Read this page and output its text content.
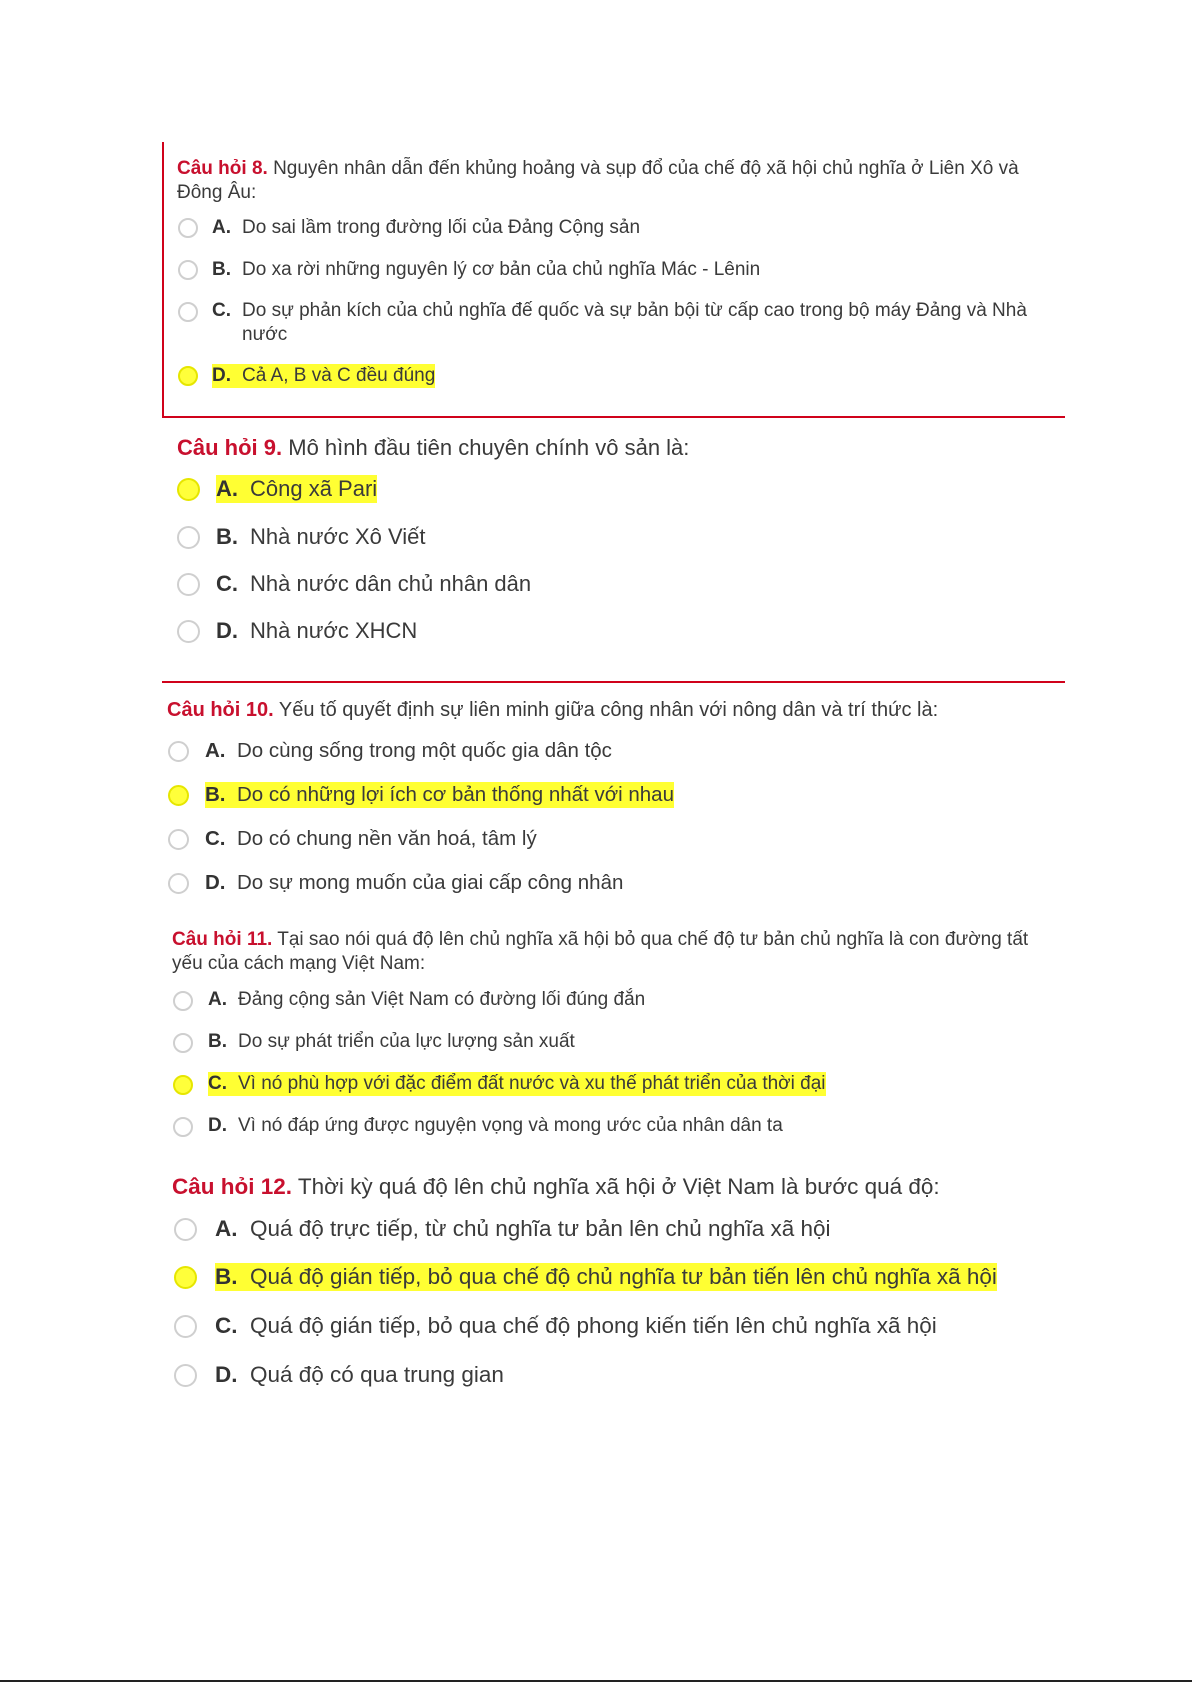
Câu hỏi 8. Nguyên nhân dẫn đến khủng hoảng và sụp đổ của chế độ xã hội chủ nghĩa ở Liên Xô và Đông Âu:

A. Do sai lầm trong đường lối của Đảng Cộng sản
B. Do xa rời những nguyên lý cơ bản của chủ nghĩa Mác - Lênin
C. Do sự phản kích của chủ nghĩa đế quốc và sự bản bội từ cấp cao trong bộ máy Đảng và Nhà nước
D. Cả A, B và C đều đúng

Câu hỏi 9. Mô hình đầu tiên chuyên chính vô sản là:

A. Công xã Pari
B. Nhà nước Xô Viết
C. Nhà nước dân chủ nhân dân
D. Nhà nước XHCN

Câu hỏi 10. Yếu tố quyết định sự liên minh giữa công nhân với nông dân và trí thức là:

A. Do cùng sống trong một quốc gia dân tộc
B. Do có những lợi ích cơ bản thống nhất với nhau
C. Do có chung nền văn hoá, tâm lý
D. Do sự mong muốn của giai cấp công nhân

Câu hỏi 11. Tại sao nói quá độ lên chủ nghĩa xã hội bỏ qua chế độ tư bản chủ nghĩa là con đường tất yếu của cách mạng Việt Nam:

A. Đảng cộng sản Việt Nam có đường lối đúng đắn
B. Do sự phát triển của lực lượng sản xuất
C. Vì nó phù hợp với đặc điểm đất nước và xu thế phát triển của thời đại
D. Vì nó đáp ứng được nguyện vọng và mong ước của nhân dân ta

Câu hỏi 12. Thời kỳ quá độ lên chủ nghĩa xã hội ở Việt Nam là bước quá độ:

A. Quá độ trực tiếp, từ chủ nghĩa tư bản lên chủ nghĩa xã hội
B. Quá độ gián tiếp, bỏ qua chế độ chủ nghĩa tư bản tiến lên chủ nghĩa xã hội
C. Quá độ gián tiếp, bỏ qua chế độ phong kiến tiến lên chủ nghĩa xã hội
D. Quá độ có qua trung gian
